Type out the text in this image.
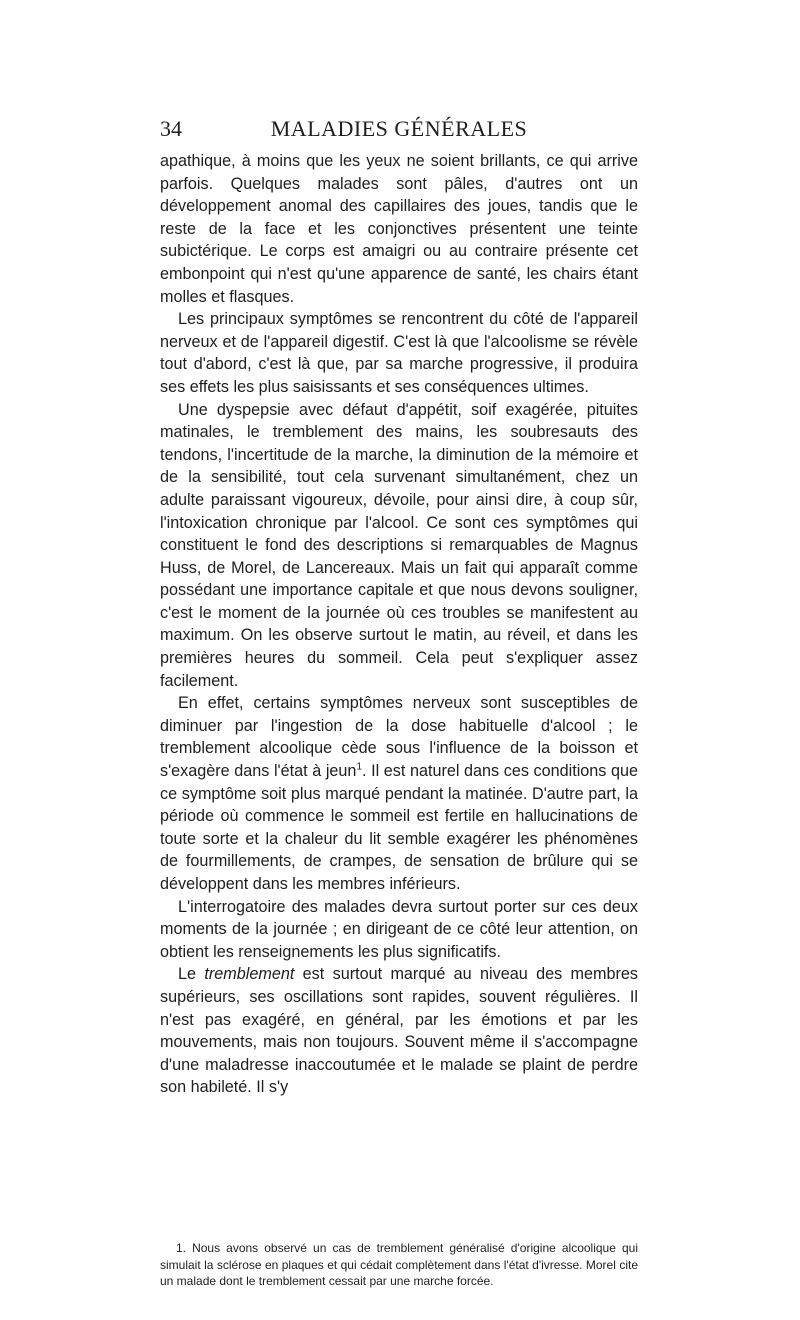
34	MALADIES GÉNÉRALES

apathique, à moins que les yeux ne soient brillants, ce qui arrive parfois. Quelques malades sont pâles, d'autres ont un développement anomal des capillaires des joues, tandis que le reste de la face et les conjonctives présentent une teinte subictérique. Le corps est amaigri ou au contraire présente cet embonpoint qui n'est qu'une apparence de santé, les chairs étant molles et flasques.

Les principaux symptômes se rencontrent du côté de l'appareil nerveux et de l'appareil digestif. C'est là que l'alcoolisme se révèle tout d'abord, c'est là que, par sa marche progressive, il produira ses effets les plus saisissants et ses conséquences ultimes.

Une dyspepsie avec défaut d'appétit, soif exagérée, pituites matinales, le tremblement des mains, les soubresauts des tendons, l'incertitude de la marche, la diminution de la mémoire et de la sensibilité, tout cela survenant simultanément, chez un adulte paraissant vigoureux, dévoile, pour ainsi dire, à coup sûr, l'intoxication chronique par l'alcool. Ce sont ces symptômes qui constituent le fond des descriptions si remarquables de Magnus Huss, de Morel, de Lancereaux. Mais un fait qui apparaît comme possédant une importance capitale et que nous devons souligner, c'est le moment de la journée où ces troubles se manifestent au maximum. On les observe surtout le matin, au réveil, et dans les premières heures du sommeil. Cela peut s'expliquer assez facilement.

En effet, certains symptômes nerveux sont susceptibles de diminuer par l'ingestion de la dose habituelle d'alcool ; le tremblement alcoolique cède sous l'influence de la boisson et s'exagère dans l'état à jeun$^1$. Il est naturel dans ces conditions que ce symptôme soit plus marqué pendant la matinée. D'autre part, la période où commence le sommeil est fertile en hallucinations de toute sorte et la chaleur du lit semble exagérer les phénomènes de fourmillements, de crampes, de sensation de brûlure qui se développent dans les membres inférieurs.

L'interrogatoire des malades devra surtout porter sur ces deux moments de la journée ; en dirigeant de ce côté leur attention, on obtient les renseignements les plus significatifs.

Le tremblement est surtout marqué au niveau des membres supérieurs, ses oscillations sont rapides, souvent régulières. Il n'est pas exagéré, en général, par les émotions et par les mouvements, mais non toujours. Souvent même il s'accompagne d'une maladresse inaccoutumée et le malade se plaint de perdre son habileté. Il s'y

1. Nous avons observé un cas de tremblement généralisé d'origine alcoolique qui simulait la sclérose en plaques et qui cédait complètement dans l'état d'ivresse. Morel cite un malade dont le tremblement cessait par une marche forcée.
